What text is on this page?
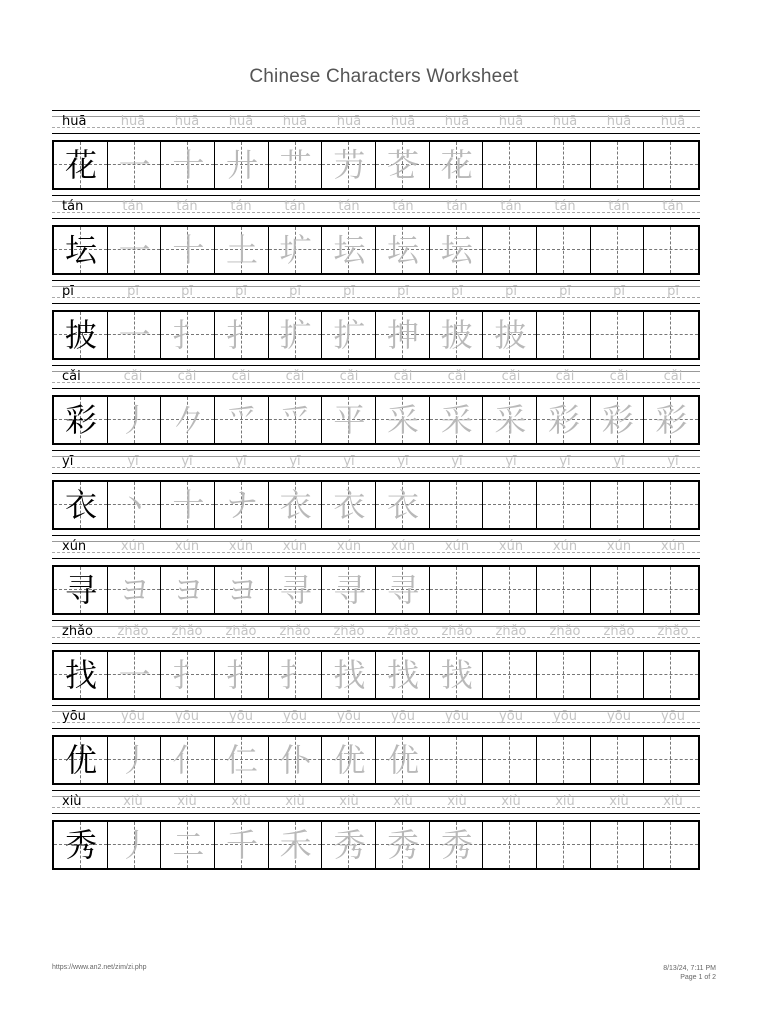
Chinese Characters Worksheet
huā	huā	huā	huā	huā	huā	huā	huā	huā	huā	huā	huā
花 一 十 廾 艹 芀 芲 花
tán	tán	tán	tán	tán	tán	tán	tán	tán	tán	tán	tán
坛 一 十 土 圹 坛 坛 坛
pī	pī	pī	pī	pī	pī	pī	pī	pī	pī	pī	pī
披 一 扌 扌 扩 扩 抻 披 披
cǎi	cǎi	cǎi	cǎi	cǎi	cǎi	cǎi	cǎi	cǎi	cǎi	cǎi	cǎi
彩 丿 𠂊 爫 爫 平 采 采 采 彩 彩 彩
yī	yī	yī	yī	yī	yī	yī	yī	yī	yī	yī	yī
衣 丶 十 ナ 衣 衣 衣
xún	xún	xún	xún	xún	xún	xún	xún	xún	xún	xún	xún
寻 ヨ ヨ ヨ 寻 寻 寻
zhǎo	zhǎo	zhǎo	zhǎo	zhǎo	zhǎo	zhǎo	zhǎo	zhǎo	zhǎo	zhǎo	zhǎo
找 一 扌 扌 扌 找 找 找
yōu	yōu	yōu	yōu	yōu	yōu	yōu	yōu	yōu	yōu	yōu	yōu
优 丿 亻 仁 仆 优 优
xiù	xiù	xiù	xiù	xiù	xiù	xiù	xiù	xiù	xiù	xiù	xiù
秀 丿 二 千 禾 秀 秀 秀
https://www.an2.net/zim/zi.php	8/13/24, 7:11 PM
Page 1 of 2
